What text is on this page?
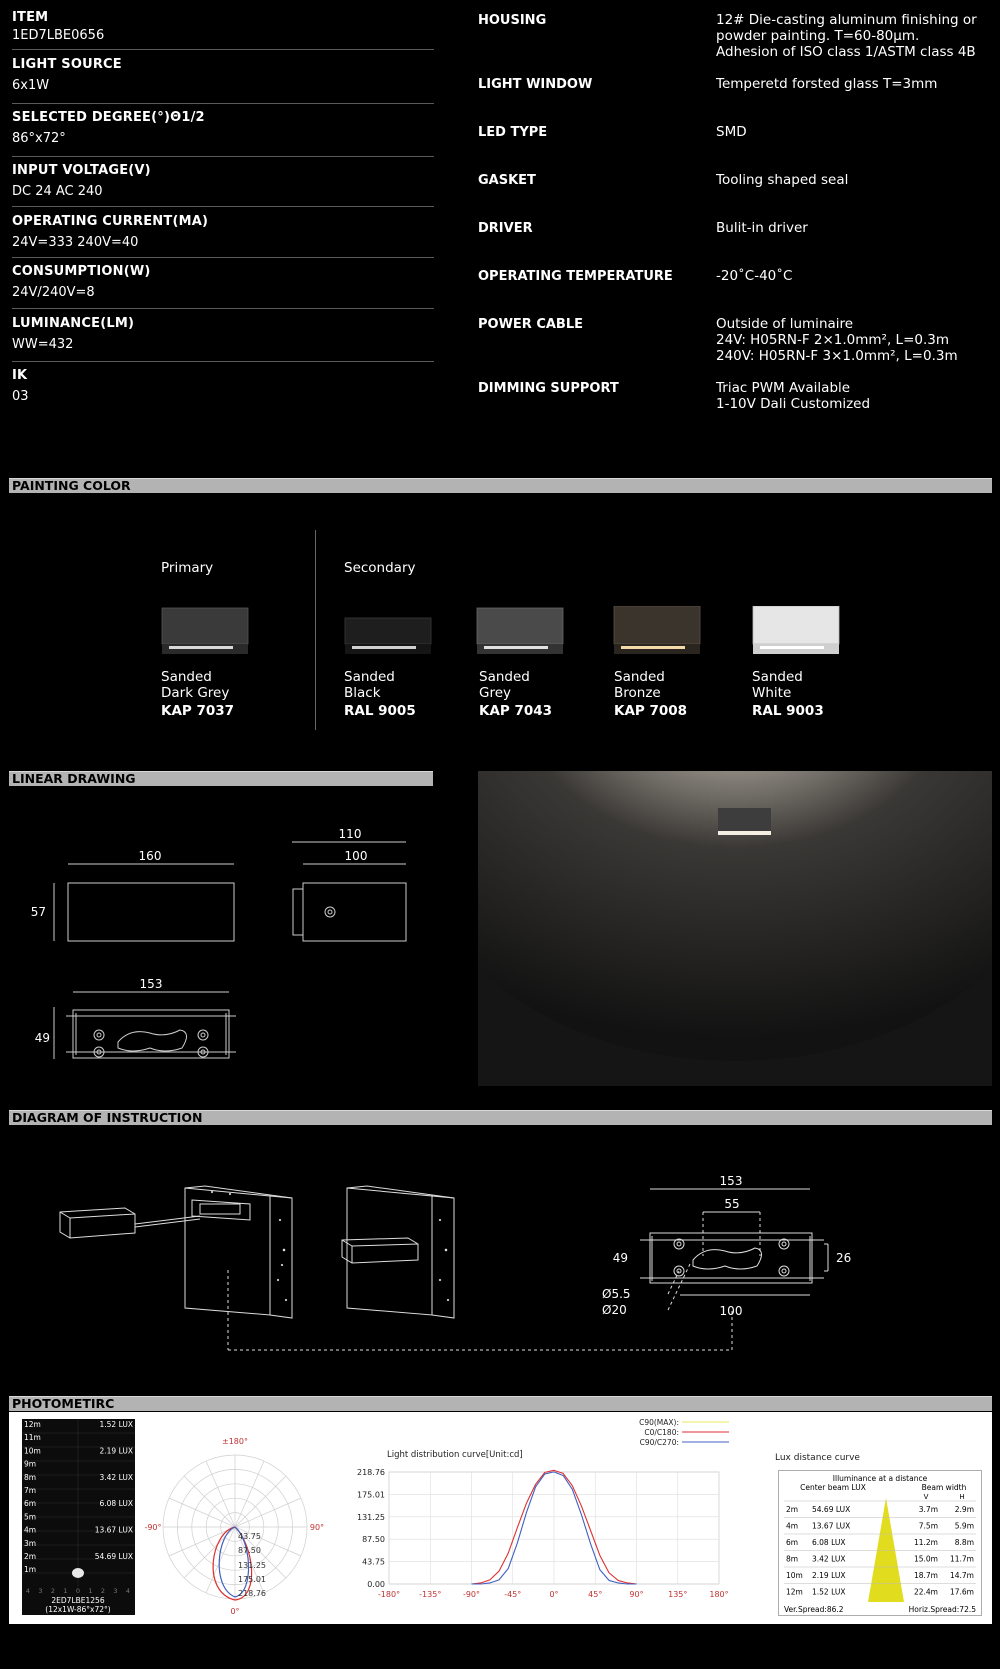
ITEM
1ED7LBE0656
LIGHT SOURCE
6x1W
SELECTED DEGREE(°)Θ1/2
86°x72°
INPUT VOLTAGE(V)
DC 24 AC 240
OPERATING CURRENT(MA)
24V=333 240V=40
CONSUMPTION(W)
24V/240V=8
LUMINANCE(LM)
WW=432
IK
03
HOUSING	12# Die-casting aluminum finishing or
powder painting. T=60-80μm.
Adhesion of ISO class 1/ASTM class 4B
LIGHT WINDOW	Temperetd forsted glass T=3mm
LED TYPE	SMD
GASKET	Tooling shaped seal
DRIVER	Bulit-in driver
OPERATING TEMPERATURE	-20˚C-40˚C
POWER CABLE	Outside of luminaire
24V: H05RN-F 2×1.0mm², L=0.3m
240V: H05RN-F 3×1.0mm², L=0.3m
DIMMING SUPPORT	Triac PWM Available
1-10V Dali Customized
PAINTING COLOR
Primary	Secondary
Sanded
Dark Grey
KAP 7037
Sanded
Black
RAL 9005
Sanded
Grey
KAP 7043
Sanded
Bronze
KAP 7008
Sanded
White
RAL 9003
LINEAR DRAWING
160
57
110
100
153
49
DIAGRAM OF INSTRUCTION
153
55
49	26
Ø5.5
Ø20	100
PHOTOMETIRC
12m	1.52 LUX
11m
10m	2.19 LUX
9m
8m	3.42 LUX
7m
6m	6.08 LUX
5m
4m	13.67 LUX
3m
2m	54.69 LUX
1m
4 3 2 1 0 1 2 3 4
2ED7LBE1256
(12x1W-86°x72°)
±180°
-90°	90°
0°
43.75
87.50
131.25
175.01
218.76
C90(MAX):
C0/C180:
C90/C270:
Light distribution curve[Unit:cd]
-180° -135°	-90°	-45°	0°	45°	90°	135°	180°
0.00
43.75
87.50
131.25
175.01
218.76
Lux distance curve
Illuminance at a distance
Center beam LUX	Beam width
V	H
2m 54.69 LUX	3.7m 2.9m
4m 13.67 LUX	7.5m 5.9m
6m 6.08 LUX	11.2m 8.8m
8m 3.42 LUX	15.0m 11.7m
10m 2.19 LUX	18.7m 14.7m
12m 1.52 LUX	22.4m 17.6m
Ver.Spread:86.2	Horiz.Spread:72.5
